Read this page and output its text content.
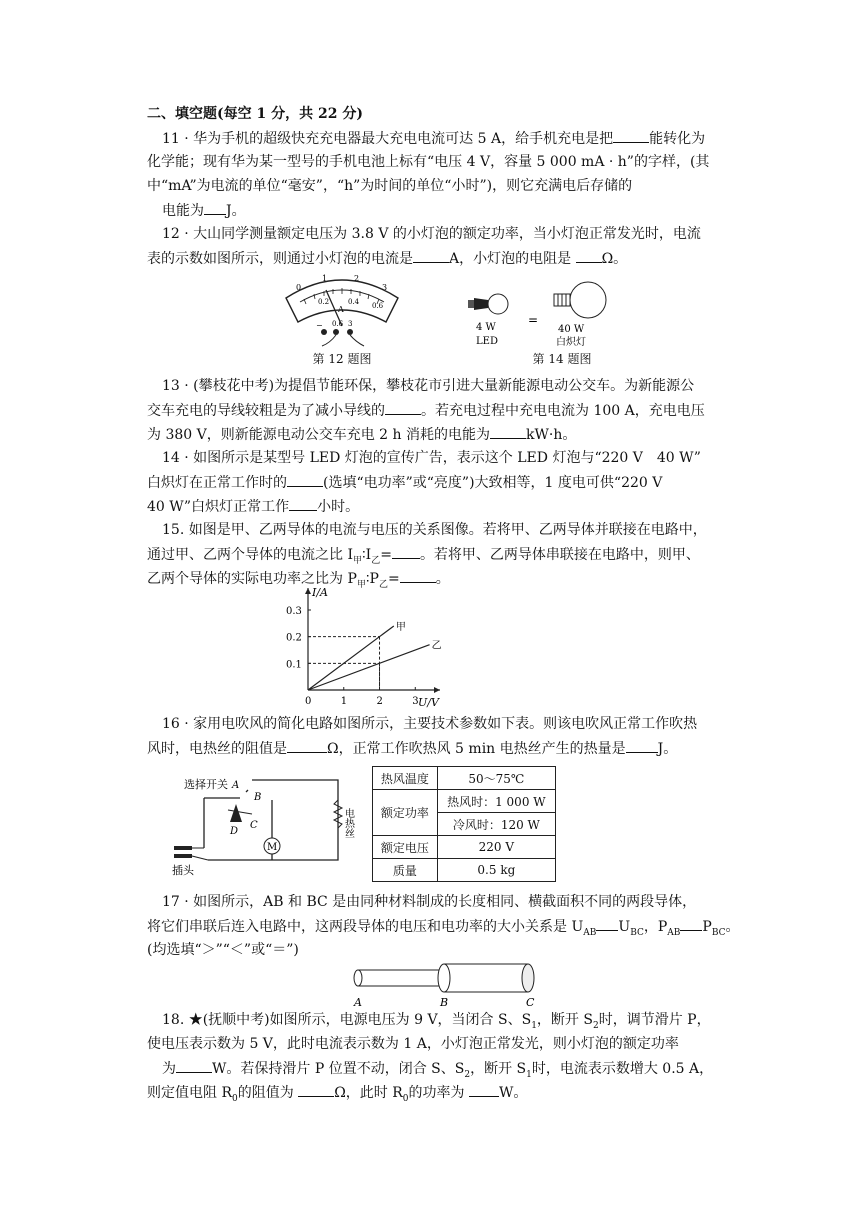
二、填空题(每空 1 分，共 22 分)
11 · 华为手机的超级快充充电器最大充电电流可达 5 A，给手机充电是把	能转化为
化学能；现有华为某一型号的手机电池上标有“电压 4 V，容量 5 000 mA · h”的字样，(其
中“mA”为电流的单位“毫安”，“h”为时间的单位“小时”)，则它充满电后存储的
电能为 J。
12 · 大山同学测量额定电压为 3.8 V 的小灯泡的额定功率，当小灯泡正常发光时，电流
表的示数如图所示，则通过小灯泡的电流是	A，小灯泡的电阻是 Ω。
0
1	2
3
0.2	0.4 0.6
A
− 0.6 3
第 12 题图
4 W
LED
=
40 W
白炽灯
第 14 题图
13 · (攀枝花中考)为提倡节能环保，攀枝花市引进大量新能源电动公交车。为新能源公
交车充电的导线较粗是为了减小导线的	。若充电过程中充电电流为 100 A，充电电压
为 380 V，则新能源电动公交车充电 2 h 消耗的电能为	kW·h。
14 · 如图所示是某型号 LED 灯泡的宣传广告，表示这个 LED 灯泡与“220 V　40 W”
白炽灯在正常工作时的	(选填“电功率”或“亮度”)大致相等，1 度电可供“220 V
40 W”白炽灯正常工作 小时。
15. 如图是甲、乙两导体的电流与电压的关系图像。若将甲、乙两导体并联接在电路中，
通过甲、乙两个导体的电流之比 $I_甲∶I_乙=$ 。若将甲、乙两导体串联接在电路中，则甲、
乙两个导体的实际电功率之比为 $P_甲∶P_乙=$	。
0	1	2	3
0.1
0.2
0.3
甲
乙
I/A
U/V
16 · 家用电吹风的简化电路如图所示，主要技术参数如下表。则该电吹风正常工作吹热
风时，电热丝的阻值是	Ω，正常工作吹热风 5 min 电热丝产生的热量是 J。
选择开关 A
B
C
D
M
电热丝
插头
热风温度	50～75℃
额定功率	热风时：1 000 W
	冷风时：120 W
额定电压	220 V
质量	0.5 kg
17 · 如图所示，AB 和 BC 是由同种材料制成的长度相同、横截面积不同的两段导体，
将它们串联后连入电路中，这两段导体的电压和电功率的大小关系是 $U_{AB}$ $U_{BC}$，$P_{AB}$ $P_{BC}$。
(均选填“＞”“＜”或“＝”)
A	B	C
18. ★(抚顺中考)如图所示，电源电压为 9 V，当闭合 S、$S_1$，断开 $S_2$时，调节滑片 P，
使电压表示数为 5 V，此时电流表示数为 1 A，小灯泡正常发光，则小灯泡的额定功率
为	W。若保持滑片 P 位置不动，闭合 S、$S_2$，断开 $S_1$时，电流表示数增大 0.5 A，
则定值电阻 $R_0$的阻值为	Ω，此时 $R_0$的功率为 W。
